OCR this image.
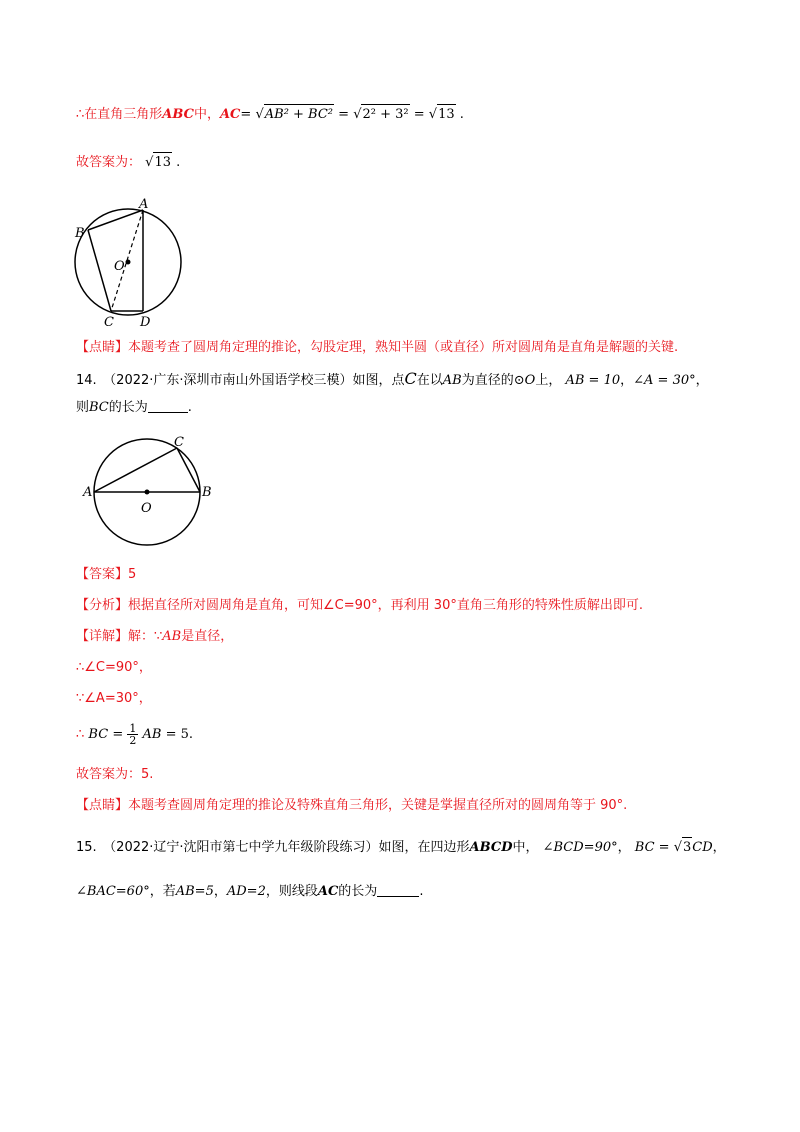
∴在直角三角形ABC中，AC= √AB² + BC² = √2² + 3² = √13 .
故答案为： √13 .
A
B
O
C D
【点睛】本题考查了圆周角定理的推论，勾股定理，熟知半圆（或直径）所对圆周角是直角是解题的关键.
14.　（2022·广东·深圳市南山外国语学校三模）如图，点C在以AB为直径的⊙O上， AB = 10，∠A = 30°，
则BC的长为	.
A	B
C
O
【答案】5
【分析】根据直径所对圆周角是直角，可知∠C=90°，再利用 30°直角三角形的特殊性质解出即可.
【详解】解：∵AB是直径，
∴∠C=90°，
∵∠A=30°，
∴ BC = $\frac{1}{2}$ AB = 5.
故答案为：5.
【点睛】本题考查圆周角定理的推论及特殊直角三角形，关键是掌握直径所对的圆周角等于 90°.
15.　（2022·辽宁·沈阳市第七中学九年级阶段练习）如图，在四边形ABCD中， ∠BCD=90°， BC = √3CD，
∠BAC=60°，若AB=5，AD=2，则线段AC的长为	.
